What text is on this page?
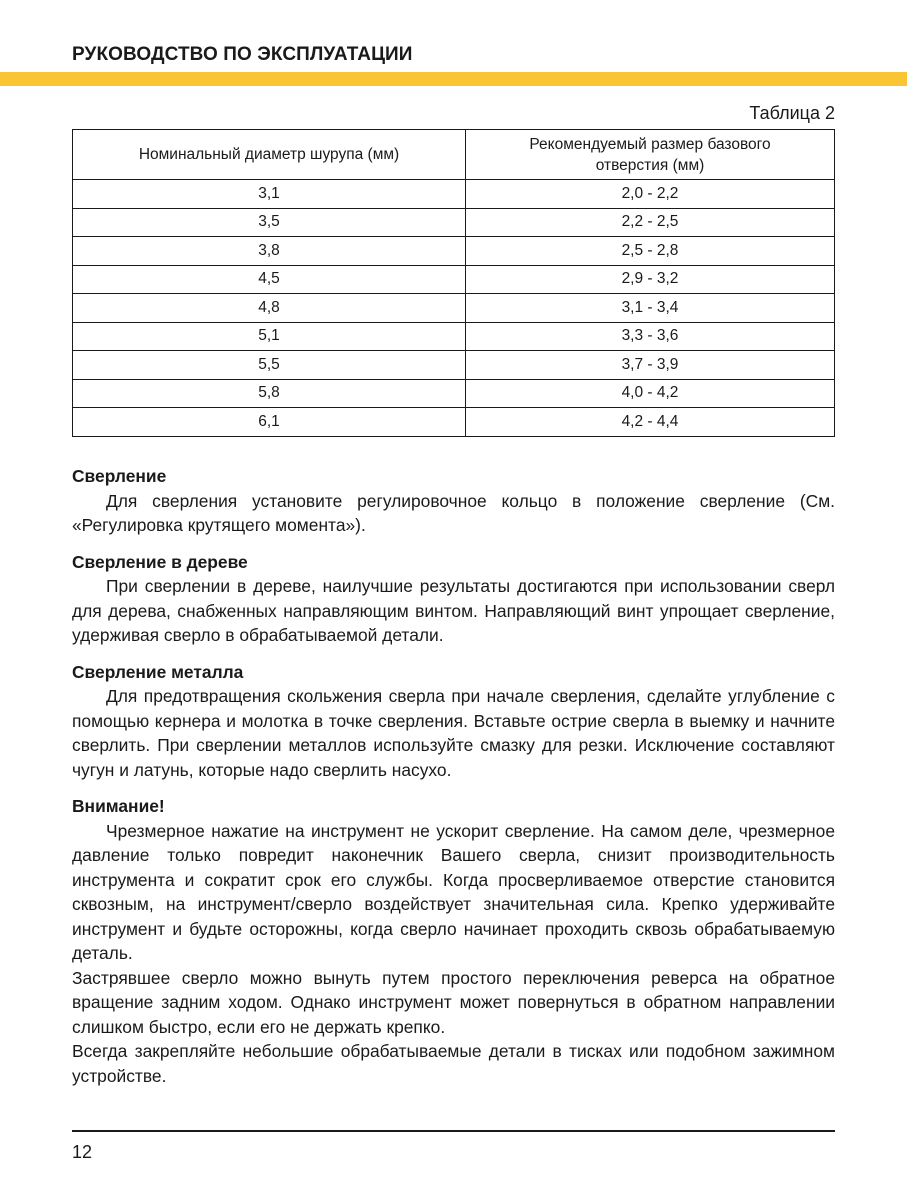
РУКОВОДСТВО ПО ЭКСПЛУАТАЦИИ
Таблица 2
Номинальный диаметр шурупа (мм)	Рекомендуемый размер базового отверстия (мм)
3,1	2,0 - 2,2
3,5	2,2 - 2,5
3,8	2,5 - 2,8
4,5	2,9 - 3,2
4,8	3,1 - 3,4
5,1	3,3 - 3,6
5,5	3,7 - 3,9
5,8	4,0 - 4,2
6,1	4,2 - 4,4
Сверление

Для сверления установите регулировочное кольцо в положение сверление (См. «Регулировка крутящего момента»).

Сверление в дереве

При сверлении в дереве, наилучшие результаты достигаются при использовании сверл для дерева, снабженных направляющим винтом. Направляющий винт упрощает сверление, удерживая сверло в обрабатываемой детали.

Сверление металла

Для предотвращения скольжения сверла при начале сверления, сделайте углубление с помощью кернера и молотка в точке сверления. Вставьте острие сверла в выемку и начните сверлить. При сверлении металлов используйте смазку для резки. Исключение составляют чугун и латунь, которые надо сверлить насухо.

Внимание!

Чрезмерное нажатие на инструмент не ускорит сверление. На самом деле, чрезмерное давление только повредит наконечник Вашего сверла, снизит производительность инструмента и сократит срок его службы. Когда просверливаемое отверстие становится сквозным, на инструмент/сверло воздействует значительная сила. Крепко удерживайте инструмент и будьте осторожны, когда сверло начинает проходить сквозь обрабатываемую деталь.

Застрявшее сверло можно вынуть путем простого переключения реверса на обратное вращение задним ходом. Однако инструмент может повернуться в обратном направлении слишком быстро, если его не держать крепко.

Всегда закрепляйте небольшие обрабатываемые детали в тисках или подобном зажимном устройстве.

12
